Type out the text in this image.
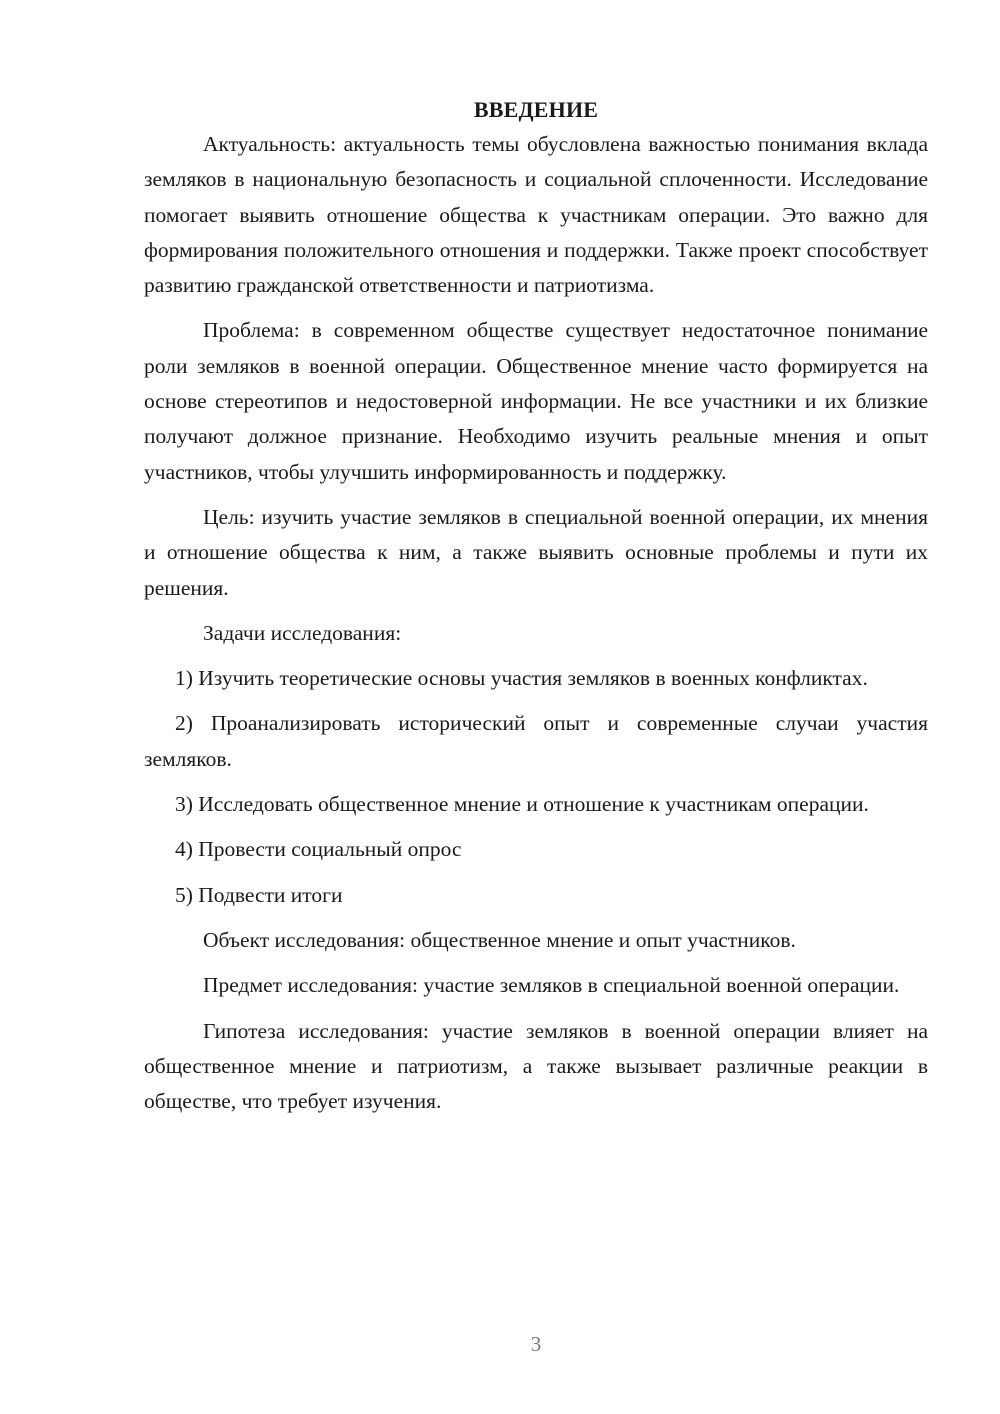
ВВЕДЕНИЕ

Актуальность: актуальность темы обусловлена важностью понимания вклада земляков в национальную безопасность и социальной сплоченности. Исследование помогает выявить отношение общества к участникам операции. Это важно для формирования положительного отношения и поддержки. Также проект способствует развитию гражданской ответственности и патриотизма.

Проблема: в современном обществе существует недостаточное понимание роли земляков в военной операции. Общественное мнение часто формируется на основе стереотипов и недостоверной информации. Не все участники и их близкие получают должное признание. Необходимо изучить реальные мнения и опыт участников, чтобы улучшить информированность и поддержку.

Цель: изучить участие земляков в специальной военной операции, их мнения и отношение общества к ним, а также выявить основные проблемы и пути их решения.

Задачи исследования:

1) Изучить теоретические основы участия земляков в военных конфликтах.

2) Проанализировать исторический опыт и современные случаи участия земляков.

3) Исследовать общественное мнение и отношение к участникам операции.

4) Провести социальный опрос

5) Подвести итоги

Объект исследования: общественное мнение и опыт участников.

Предмет исследования: участие земляков в специальной военной операции.

Гипотеза исследования: участие земляков в военной операции влияет на общественное мнение и патриотизм, а также вызывает различные реакции в обществе, что требует изучения.

3
